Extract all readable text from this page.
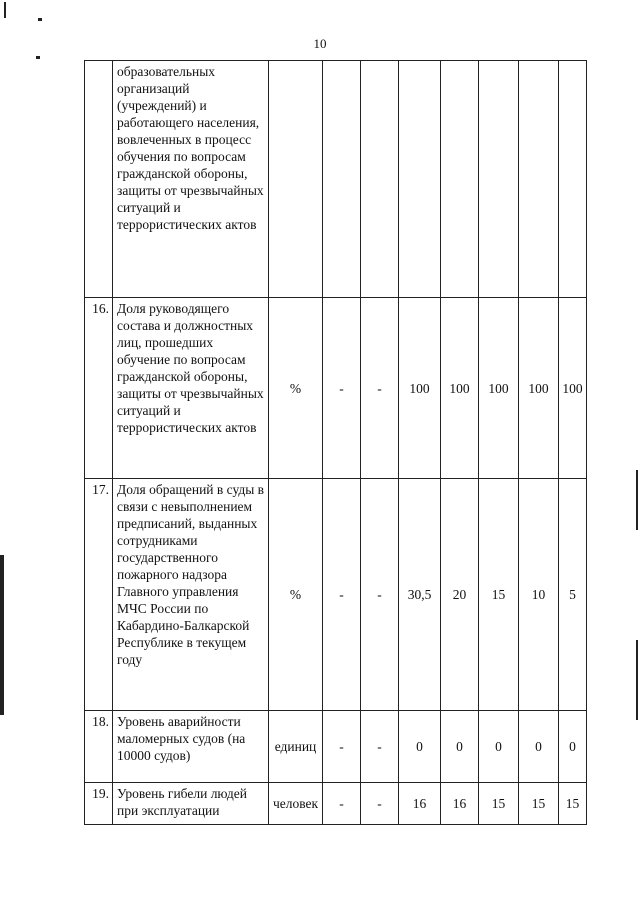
10
	образовательных организаций (учреждений) и работающего населения, вовлеченных в процесс обучения по вопросам гражданской обороны, защиты от чрезвычайных ситуаций и террористических актов								
16.	Доля руководящего состава и должностных лиц, прошедших обучение по вопросам гражданской обороны, защиты от чрезвычайных ситуаций и террористических актов	%	-	-	100	100	100	100	100
17.	Доля обращений в суды в связи с невыполнением предписаний, выданных сотрудниками государственного пожарного надзора Главного управления МЧС России по Кабардино-Балкарской Республике в текущем году	%	-	-	30,5	20	15	10	5
18.	Уровень аварийности маломерных судов (на 10000 судов)	единиц	-	-	0	0	0	0	0
19.	Уровень гибели людей при эксплуатации	человек	-	-	16	16	15	15	15
